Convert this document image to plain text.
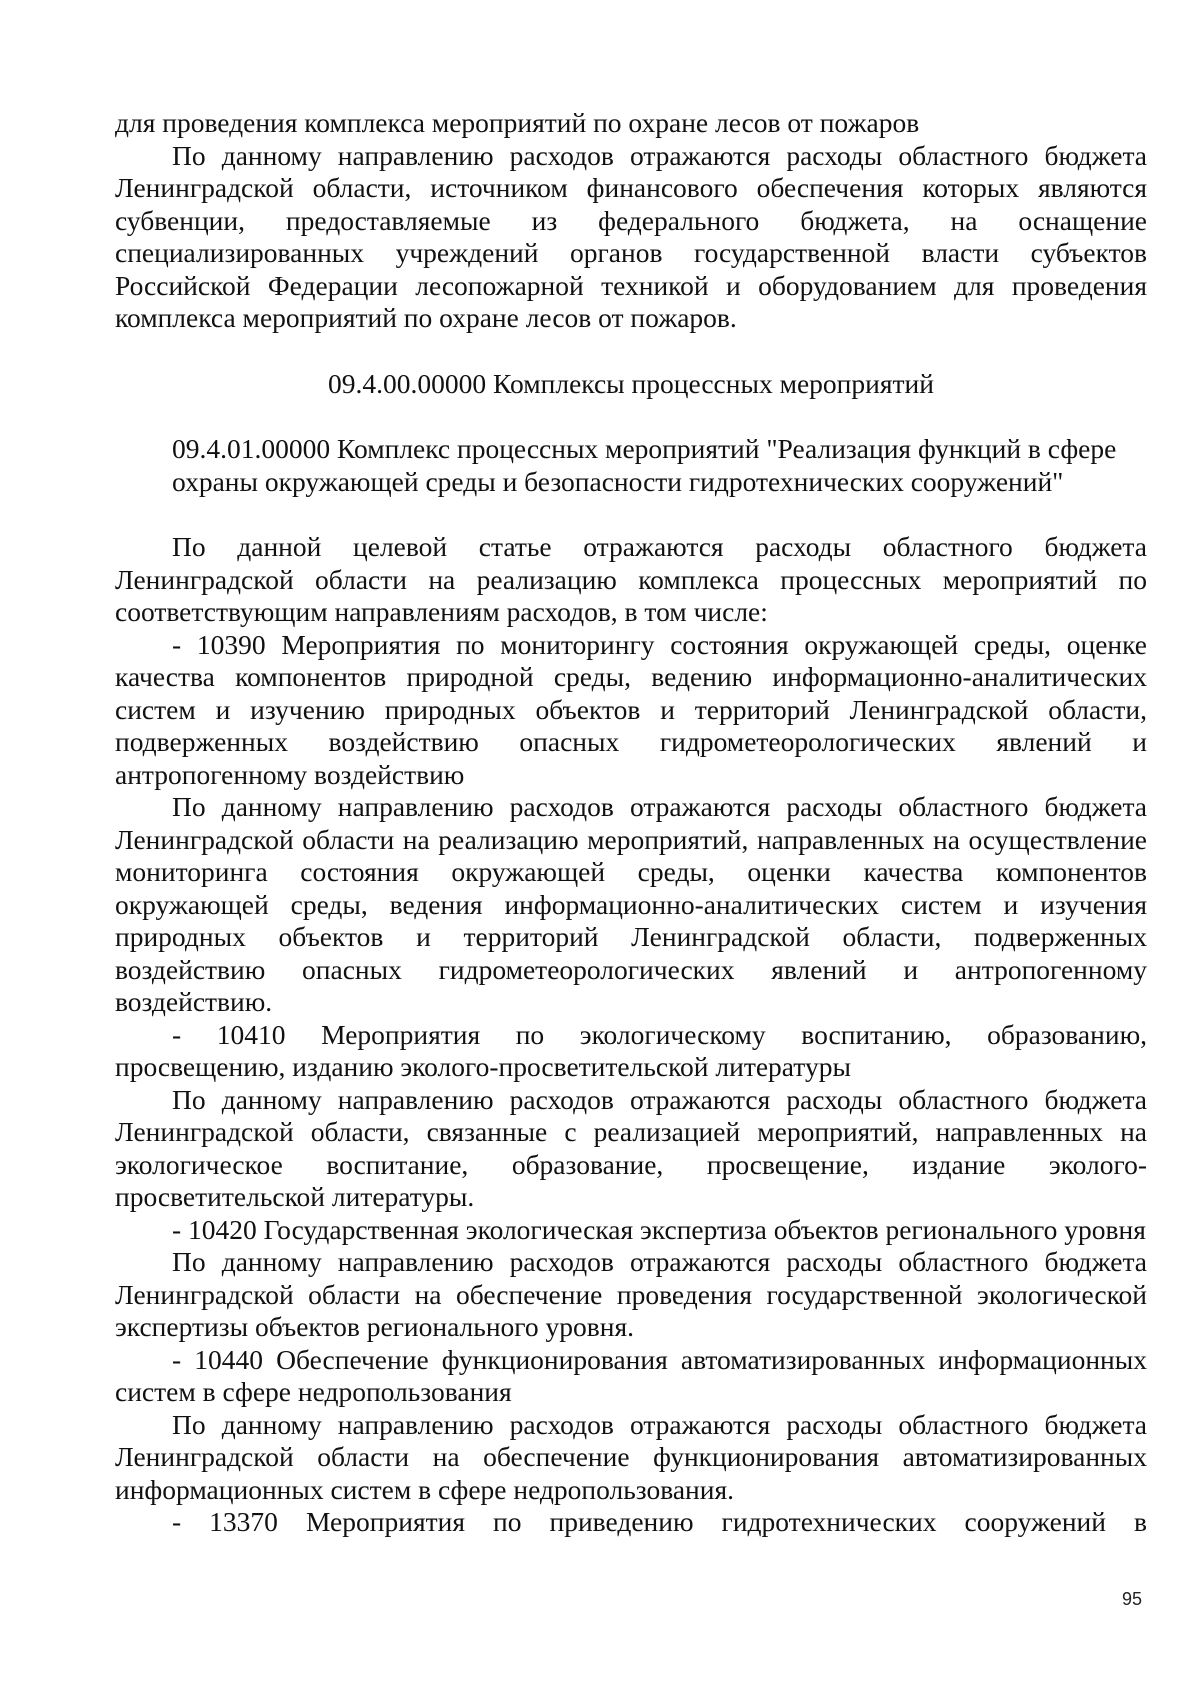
для проведения комплекса мероприятий по охране лесов от пожаров

По данному направлению расходов отражаются расходы областного бюджета Ленинградской области, источником финансового обеспечения которых являются субвенции, предоставляемые из федерального бюджета, на оснащение специализированных учреждений органов государственной власти субъектов Российской Федерации лесопожарной техникой и оборудованием для проведения комплекса мероприятий по охране лесов от пожаров.

09.4.00.00000 Комплексы процессных мероприятий

09.4.01.00000 Комплекс процессных мероприятий "Реализация функций в сфере охраны окружающей среды и безопасности гидротехнических сооружений"

По данной целевой статье отражаются расходы областного бюджета Ленинградской области на реализацию комплекса процессных мероприятий по соответствующим направлениям расходов, в том числе:

- 10390 Мероприятия по мониторингу состояния окружающей среды, оценке качества компонентов природной среды, ведению информационно-аналитических систем и изучению природных объектов и территорий Ленинградской области, подверженных воздействию опасных гидрометеорологических явлений и антропогенному воздействию

По данному направлению расходов отражаются расходы областного бюджета Ленинградской области на реализацию мероприятий, направленных на осуществление мониторинга состояния окружающей среды, оценки качества компонентов окружающей среды, ведения информационно-аналитических систем и изучения природных объектов и территорий Ленинградской области, подверженных воздействию опасных гидрометеорологических явлений и антропогенному воздействию.

- 10410 Мероприятия по экологическому воспитанию, образованию, просвещению, изданию эколого-просветительской литературы

По данному направлению расходов отражаются расходы областного бюджета Ленинградской области, связанные с реализацией мероприятий, направленных на экологическое воспитание, образование, просвещение, издание эколого-просветительской литературы.

- 10420 Государственная экологическая экспертиза объектов регионального уровня

По данному направлению расходов отражаются расходы областного бюджета Ленинградской области на обеспечение проведения государственной экологической экспертизы объектов регионального уровня.

- 10440 Обеспечение функционирования автоматизированных информационных систем в сфере недропользования

По данному направлению расходов отражаются расходы областного бюджета Ленинградской области на обеспечение функционирования автоматизированных информационных систем в сфере недропользования.

- 13370 Мероприятия по приведению гидротехнических сооружений в

95
